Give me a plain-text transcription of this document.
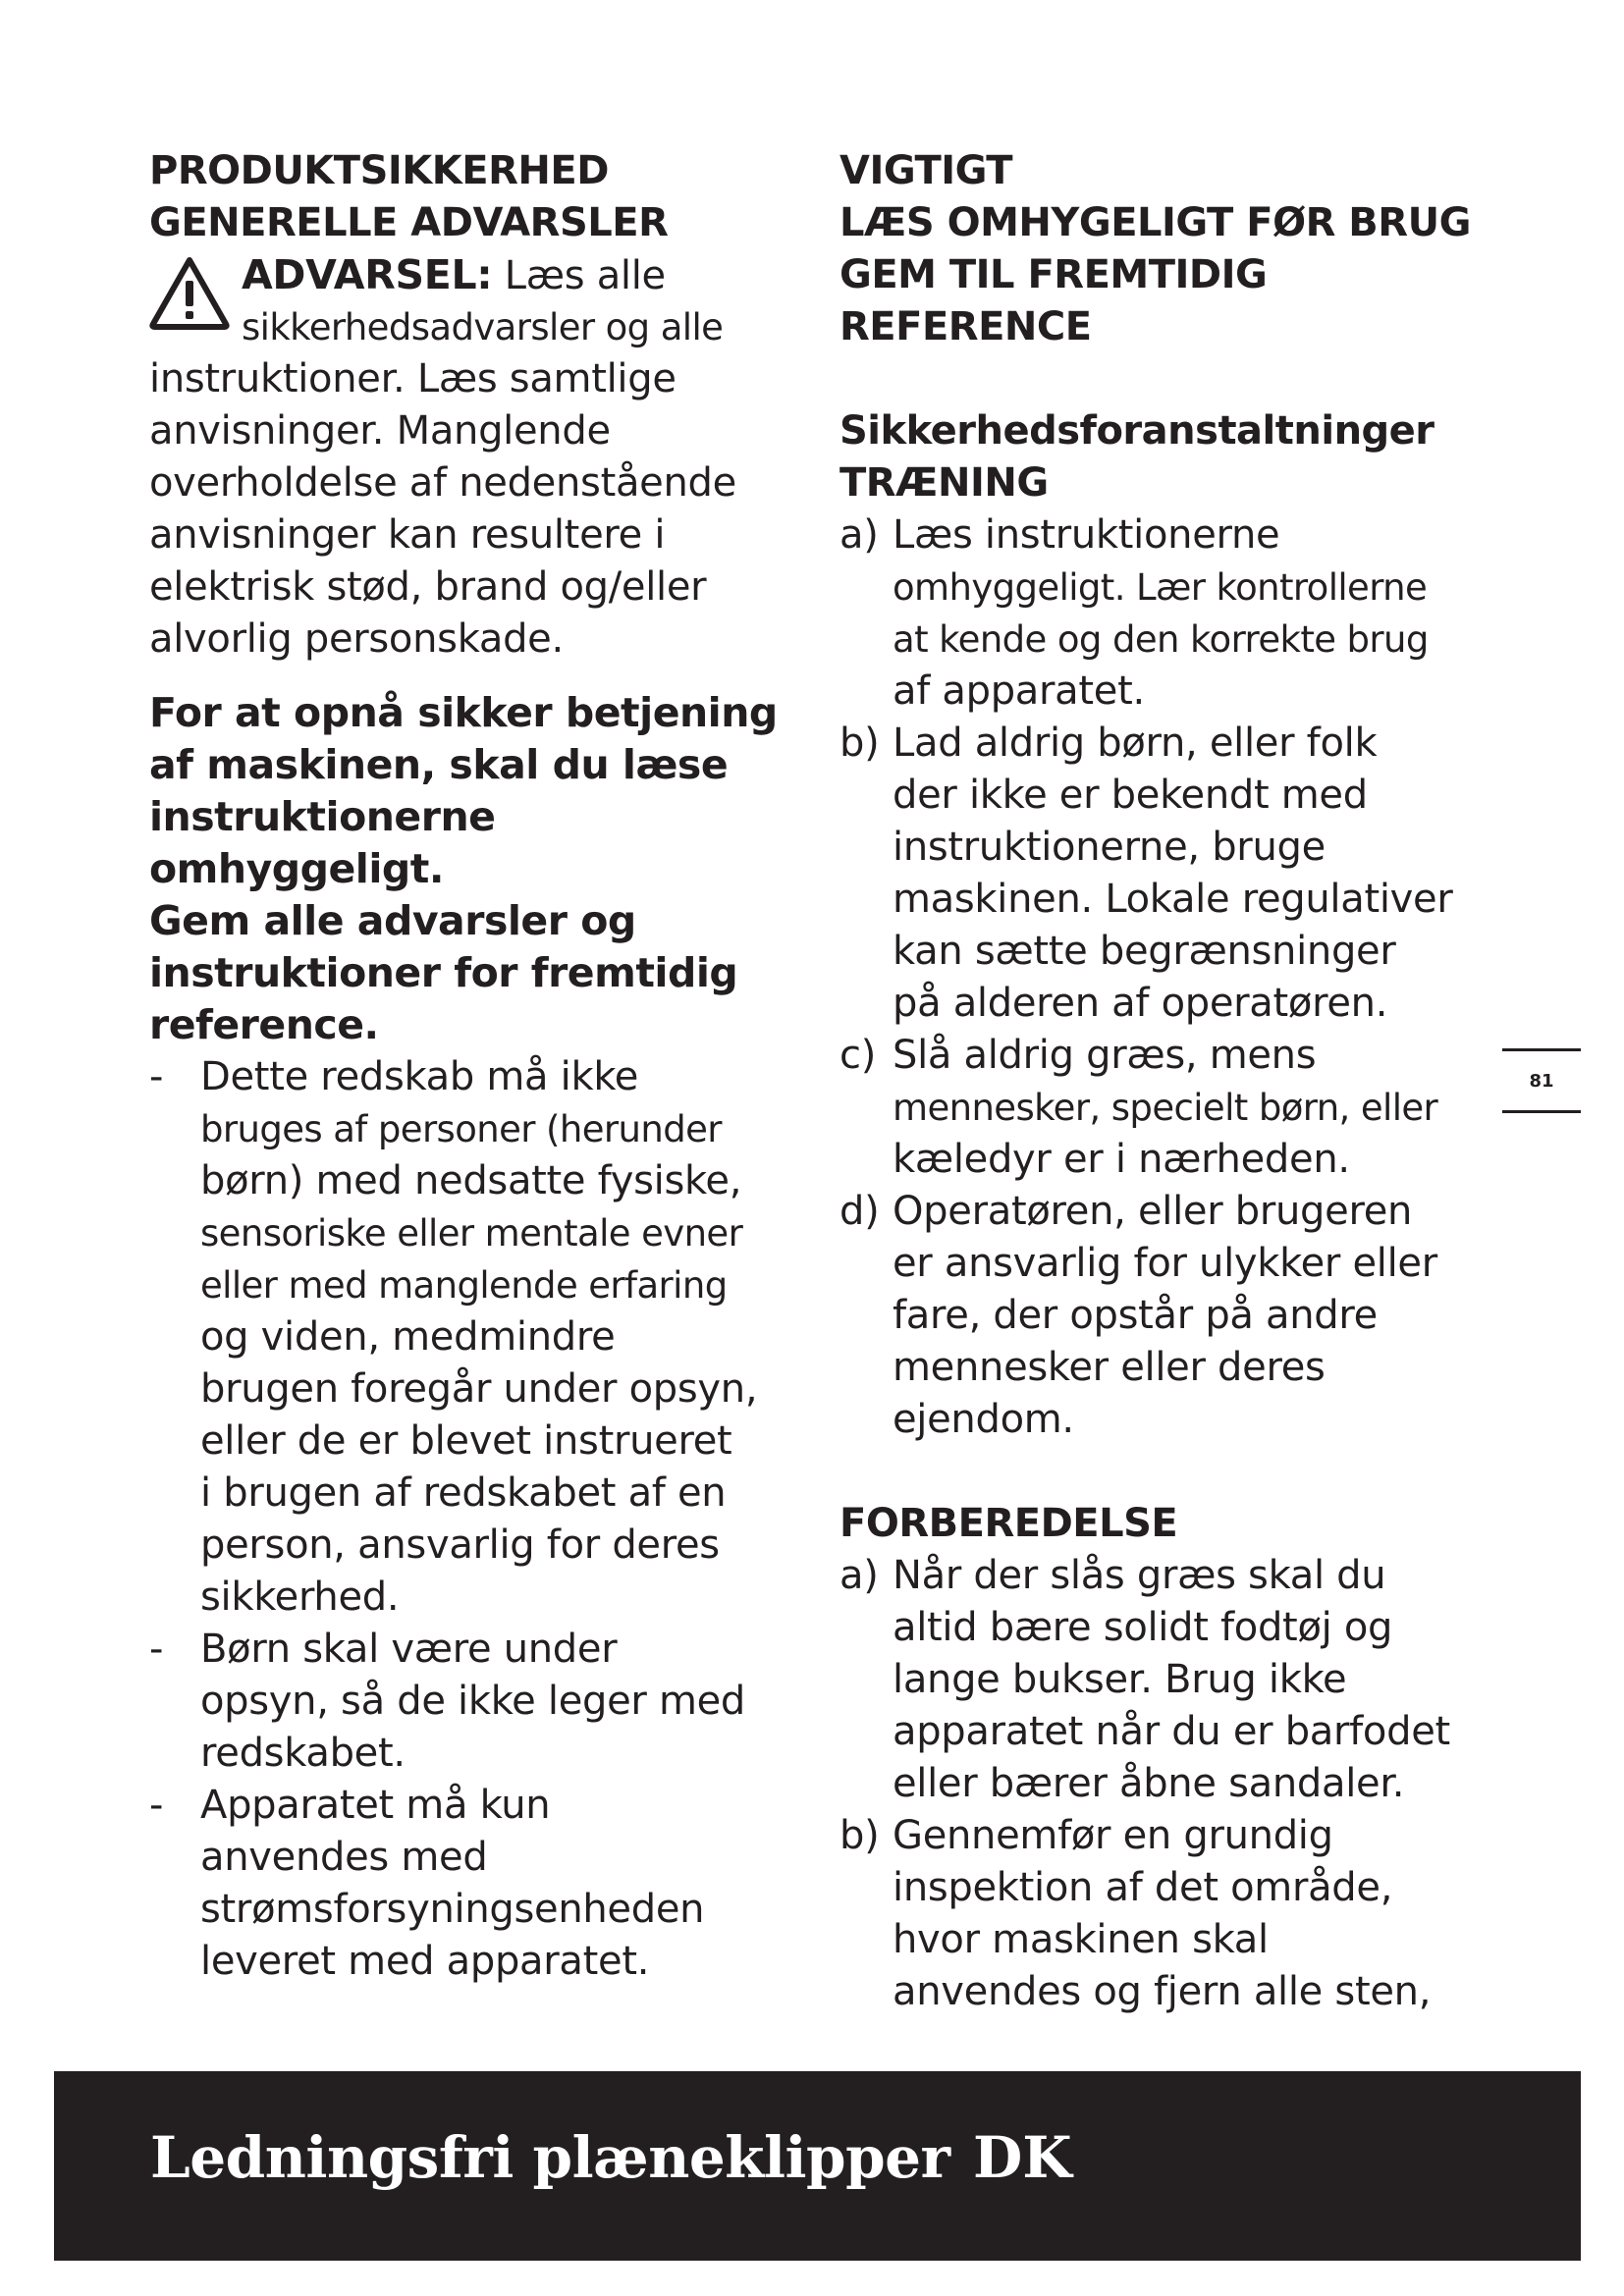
PRODUKTSIKKERHED
GENERELLE ADVARSLER
ADVARSEL: Læs alle
sikkerhedsadvarsler og alle
instruktioner. Læs samtlige
anvisninger. Manglende
overholdelse af nedenstående
anvisninger kan resultere i
elektrisk stød, brand og/eller
alvorlig personskade.
For at opnå sikker betjening
af maskinen, skal du læse
instruktionerne omhyggeligt.
Gem alle advarsler og
instruktioner for fremtidig
reference.
- Dette redskab må ikke
bruges af personer (herunder
børn) med nedsatte fysiske,
sensoriske eller mentale evner
eller med manglende erfaring
og viden, medmindre
brugen foregår under opsyn,
eller de er blevet instrueret
i brugen af redskabet af en
person, ansvarlig for deres
sikkerhed.
- Børn skal være under
opsyn, så de ikke leger med
redskabet.
- Apparatet må kun
anvendes med
strømsforsyningsenheden
leveret med apparatet.
VIGTIGT
LÆS OMHYGELIGT FØR BRUG
GEM TIL FREMTIDIG
REFERENCE
Sikkerhedsforanstaltninger
TRÆNING
a) Læs instruktionerne
omhyggeligt. Lær kontrollerne
at kende og den korrekte brug
af apparatet.
b) Lad aldrig børn, eller folk
der ikke er bekendt med
instruktionerne, bruge
maskinen. Lokale regulativer
kan sætte begrænsninger
på alderen af operatøren.
c) Slå aldrig græs, mens
mennesker, specielt børn, eller
kæledyr er i nærheden.
d) Operatøren, eller brugeren
er ansvarlig for ulykker eller
fare, der opstår på andre
mennesker eller deres
ejendom.
FORBEREDELSE
a) Når der slås græs skal du
altid bære solidt fodtøj og
lange bukser. Brug ikke
apparatet når du er barfodet
eller bærer åbne sandaler.
b) Gennemfør en grundig
inspektion af det område,
hvor maskinen skal
anvendes og fjern alle sten,
81
Ledningsfri plæneklipper DK
